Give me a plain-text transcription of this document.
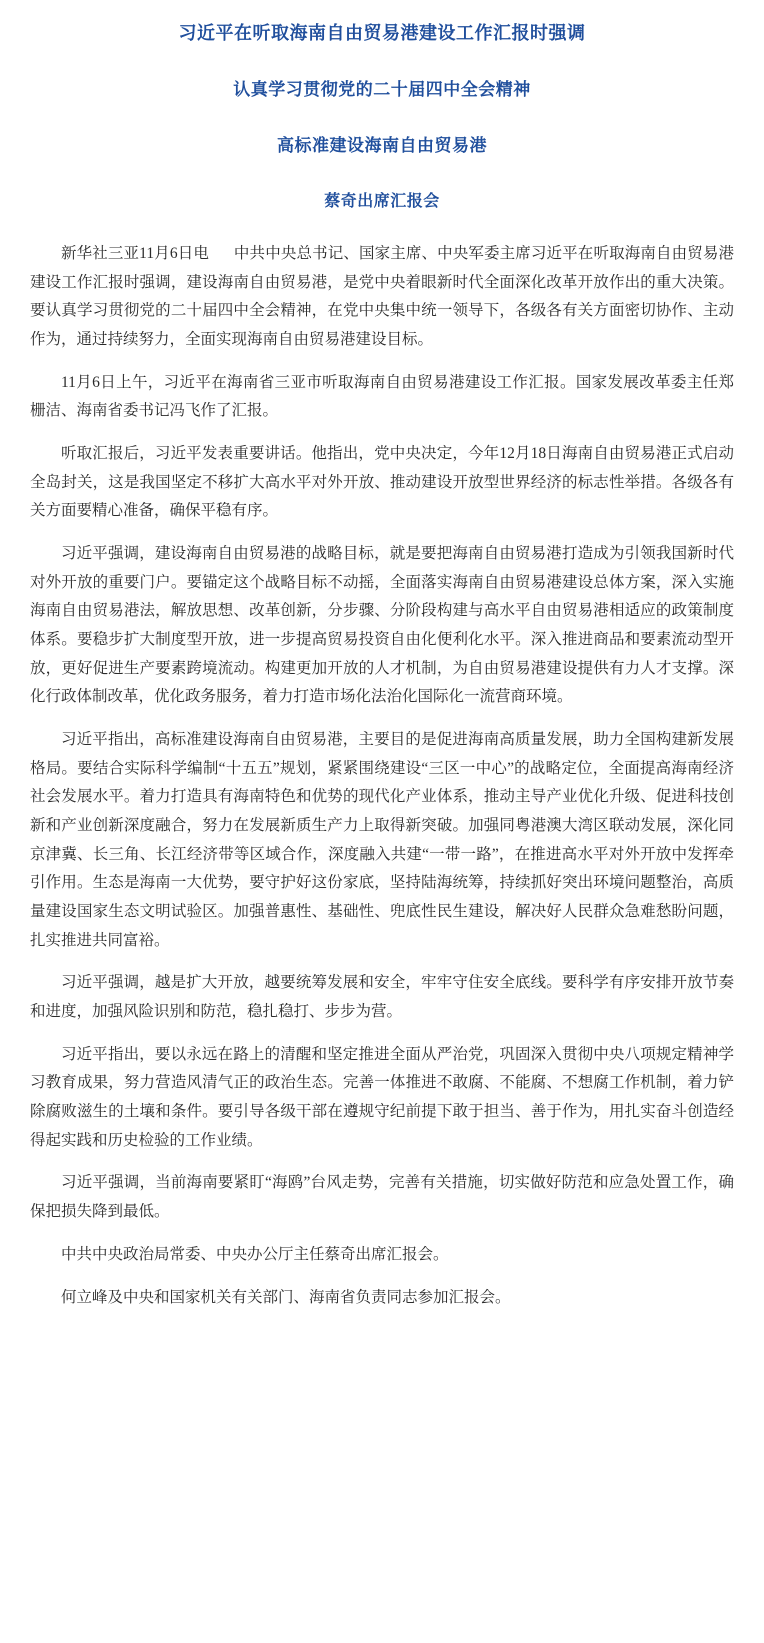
习近平在听取海南自由贸易港建设工作汇报时强调
认真学习贯彻党的二十届四中全会精神
高标准建设海南自由贸易港
蔡奇出席汇报会

新华社三亚11月6日电 中共中央总书记、国家主席、中央军委主席习近平在听取海南自由贸易港建设工作汇报时强调，建设海南自由贸易港，是党中央着眼新时代全面深化改革开放作出的重大决策。要认真学习贯彻党的二十届四中全会精神，在党中央集中统一领导下，各级各有关方面密切协作、主动作为，通过持续努力，全面实现海南自由贸易港建设目标。

11月6日上午，习近平在海南省三亚市听取海南自由贸易港建设工作汇报。国家发展改革委主任郑栅洁、海南省委书记冯飞作了汇报。

听取汇报后，习近平发表重要讲话。他指出，党中央决定，今年12月18日海南自由贸易港正式启动全岛封关，这是我国坚定不移扩大高水平对外开放、推动建设开放型世界经济的标志性举措。各级各有关方面要精心准备，确保平稳有序。

习近平强调，建设海南自由贸易港的战略目标，就是要把海南自由贸易港打造成为引领我国新时代对外开放的重要门户。要锚定这个战略目标不动摇，全面落实海南自由贸易港建设总体方案，深入实施海南自由贸易港法，解放思想、改革创新，分步骤、分阶段构建与高水平自由贸易港相适应的政策制度体系。要稳步扩大制度型开放，进一步提高贸易投资自由化便利化水平。深入推进商品和要素流动型开放，更好促进生产要素跨境流动。构建更加开放的人才机制，为自由贸易港建设提供有力人才支撑。深化行政体制改革，优化政务服务，着力打造市场化法治化国际化一流营商环境。

习近平指出，高标准建设海南自由贸易港，主要目的是促进海南高质量发展，助力全国构建新发展格局。要结合实际科学编制“十五五”规划，紧紧围绕建设“三区一中心”的战略定位，全面提高海南经济社会发展水平。着力打造具有海南特色和优势的现代化产业体系，推动主导产业优化升级、促进科技创新和产业创新深度融合，努力在发展新质生产力上取得新突破。加强同粤港澳大湾区联动发展，深化同京津冀、长三角、长江经济带等区域合作，深度融入共建“一带一路”，在推进高水平对外开放中发挥牵引作用。生态是海南一大优势，要守护好这份家底，坚持陆海统筹，持续抓好突出环境问题整治，高质量建设国家生态文明试验区。加强普惠性、基础性、兜底性民生建设，解决好人民群众急难愁盼问题，扎实推进共同富裕。

习近平强调，越是扩大开放，越要统筹发展和安全，牢牢守住安全底线。要科学有序安排开放节奏和进度，加强风险识别和防范，稳扎稳打、步步为营。

习近平指出，要以永远在路上的清醒和坚定推进全面从严治党，巩固深入贯彻中央八项规定精神学习教育成果，努力营造风清气正的政治生态。完善一体推进不敢腐、不能腐、不想腐工作机制，着力铲除腐败滋生的土壤和条件。要引导各级干部在遵规守纪前提下敢于担当、善于作为，用扎实奋斗创造经得起实践和历史检验的工作业绩。

习近平强调，当前海南要紧盯“海鸥”台风走势，完善有关措施，切实做好防范和应急处置工作，确保把损失降到最低。

中共中央政治局常委、中央办公厅主任蔡奇出席汇报会。

何立峰及中央和国家机关有关部门、海南省负责同志参加汇报会。
